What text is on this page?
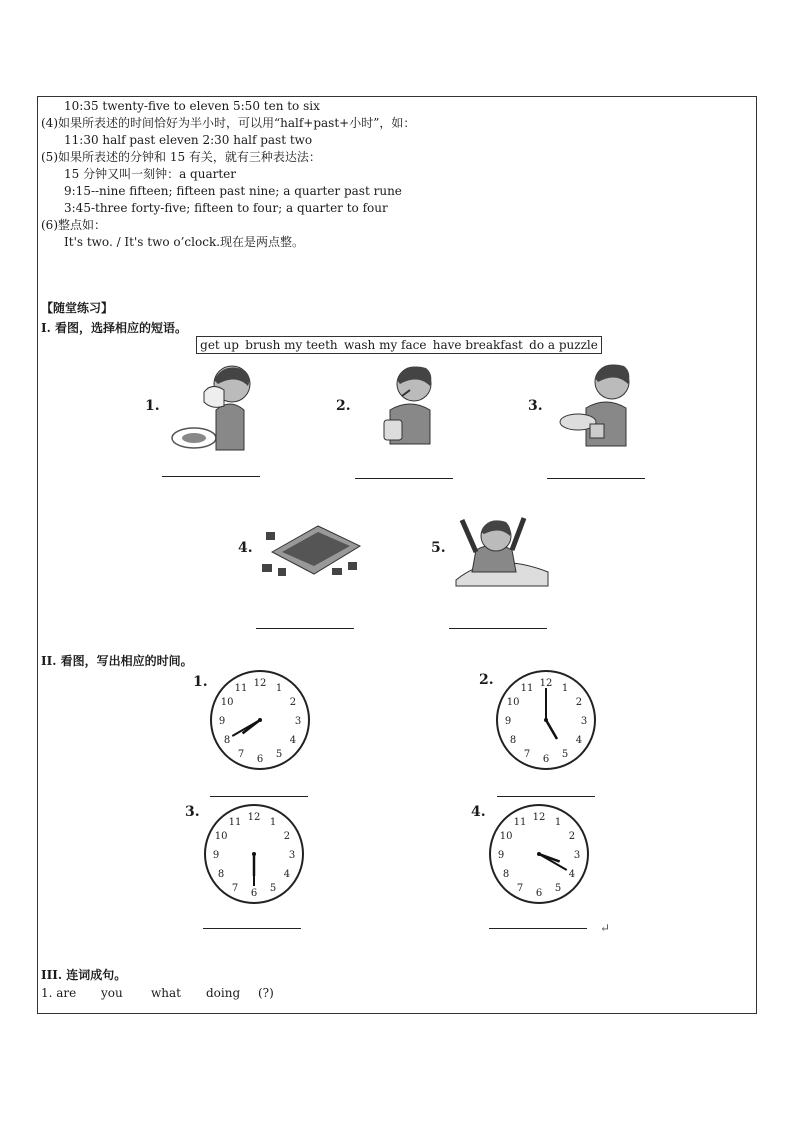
10:35 twenty-five to eleven 5:50 ten to six
(4)如果所表述的时间恰好为半小时，可以用“half+past+小时”，如：
11:30 half past eleven 2:30 half past two
(5)如果所表述的分钟和 15 有关，就有三种表达法：
15 分钟又叫一刻钟：a quarter
9:15--nine fifteen; fifteen past nine; a quarter past rune
3:45-three forty-five; fifteen to four; a quarter to four
(6)整点如：
It's two. / It's two o’clock.现在是两点整。
【随堂练习】
I. 看图，选择相应的短语。
get up brush my teeth wash my face have breakfast do a puzzle
1.	2.	3.
4.	5.
II. 看图，写出相应的时间。
1.	1
2
3
4
5
6
7
8
9
10
11 12	2.
1
2
3
4
5
6
7
8
9
10
11 12
3.
1
2
3
4
5
6
7
8
9
10
11 12	4.
1
2
3
4
5
6
7
8
9
10
11 12
↵
III. 连词成句。
1. are you what doing (?)
